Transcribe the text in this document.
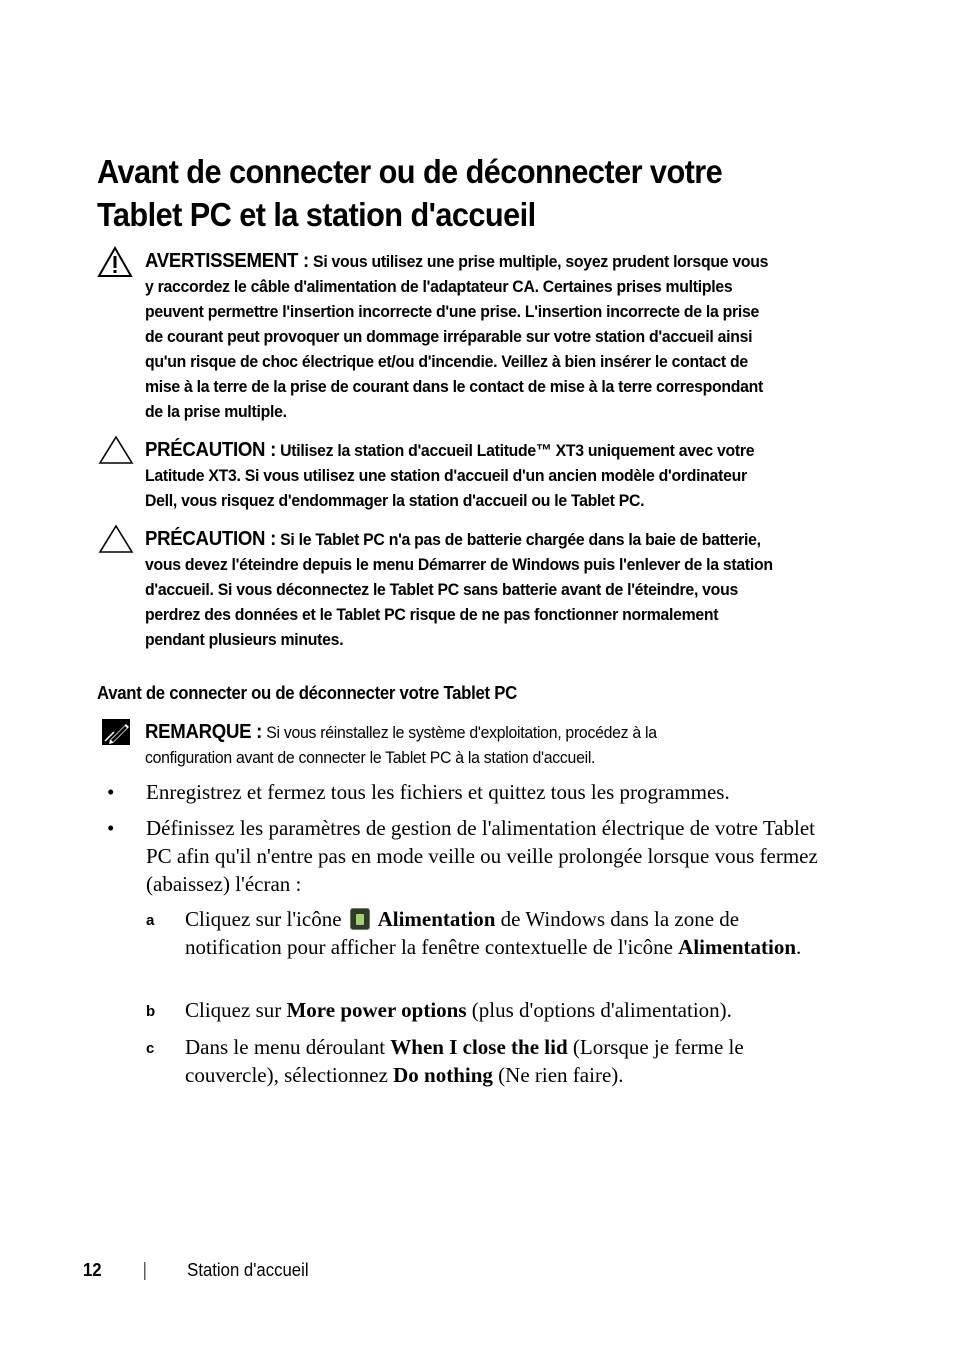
Avant de connecter ou de déconnecter votre
Tablet PC et la station d'accueil
AVERTISSEMENT : Si vous utilisez une prise multiple, soyez prudent lorsque vous y raccordez le câble d'alimentation de l'adaptateur CA. Certaines prises multiples peuvent permettre l'insertion incorrecte d'une prise. L'insertion incorrecte de la prise de courant peut provoquer un dommage irréparable sur votre station d'accueil ainsi qu'un risque de choc électrique et/ou d'incendie. Veillez à bien insérer le contact de mise à la terre de la prise de courant dans le contact de mise à la terre correspondant de la prise multiple.
PRÉCAUTION : Utilisez la station d'accueil Latitude™ XT3 uniquement avec votre Latitude XT3. Si vous utilisez une station d'accueil d'un ancien modèle d'ordinateur Dell, vous risquez d'endommager la station d'accueil ou le Tablet PC.
PRÉCAUTION : Si le Tablet PC n'a pas de batterie chargée dans la baie de batterie, vous devez l'éteindre depuis le menu Démarrer de Windows puis l'enlever de la station d'accueil. Si vous déconnectez le Tablet PC sans batterie avant de l'éteindre, vous perdrez des données et le Tablet PC risque de ne pas fonctionner normalement pendant plusieurs minutes.
Avant de connecter ou de déconnecter votre Tablet PC
REMARQUE : Si vous réinstallez le système d'exploitation, procédez à la configuration avant de connecter le Tablet PC à la station d'accueil.
•	Enregistrez et fermez tous les fichiers et quittez tous les programmes.
•	Définissez les paramètres de gestion de l'alimentation électrique de votre Tablet PC afin qu'il n'entre pas en mode veille ou veille prolongée lorsque vous fermez (abaissez) l'écran :
a Cliquez sur l'icône Alimentation de Windows dans la zone de notification pour afficher la fenêtre contextuelle de l'icône Alimentation.
b Cliquez sur More power options (plus d'options d'alimentation).
c Dans le menu déroulant When I close the lid (Lorsque je ferme le couvercle), sélectionnez Do nothing (Ne rien faire).
12	Station d'accueil
